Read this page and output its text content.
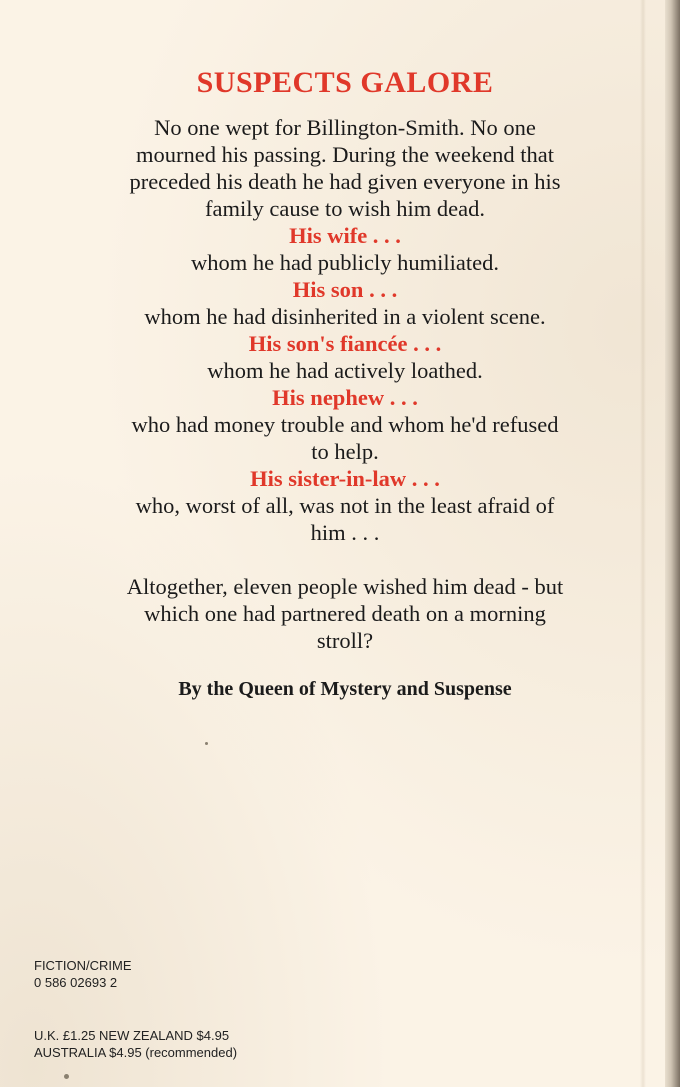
SUSPECTS GALORE

No one wept for Billington-Smith. No one

mourned his passing. During the weekend that

preceded his death he had given everyone in his

family cause to wish him dead.

His wife . . .

whom he had publicly humiliated.

His son . . .

whom he had disinherited in a violent scene.

His son's fiancée . . .

whom he had actively loathed.

His nephew . . .

who had money trouble and whom he'd refused

to help.

His sister-in-law . . .

who, worst of all, was not in the least afraid of

him . . .

Altogether, eleven people wished him dead - but

which one had partnered death on a morning

stroll?

By the Queen of Mystery and Suspense
FICTION/CRIME
0 586 02693 2
U.K. £1.25 NEW ZEALAND $4.95
AUSTRALIA $4.95 (recommended)
